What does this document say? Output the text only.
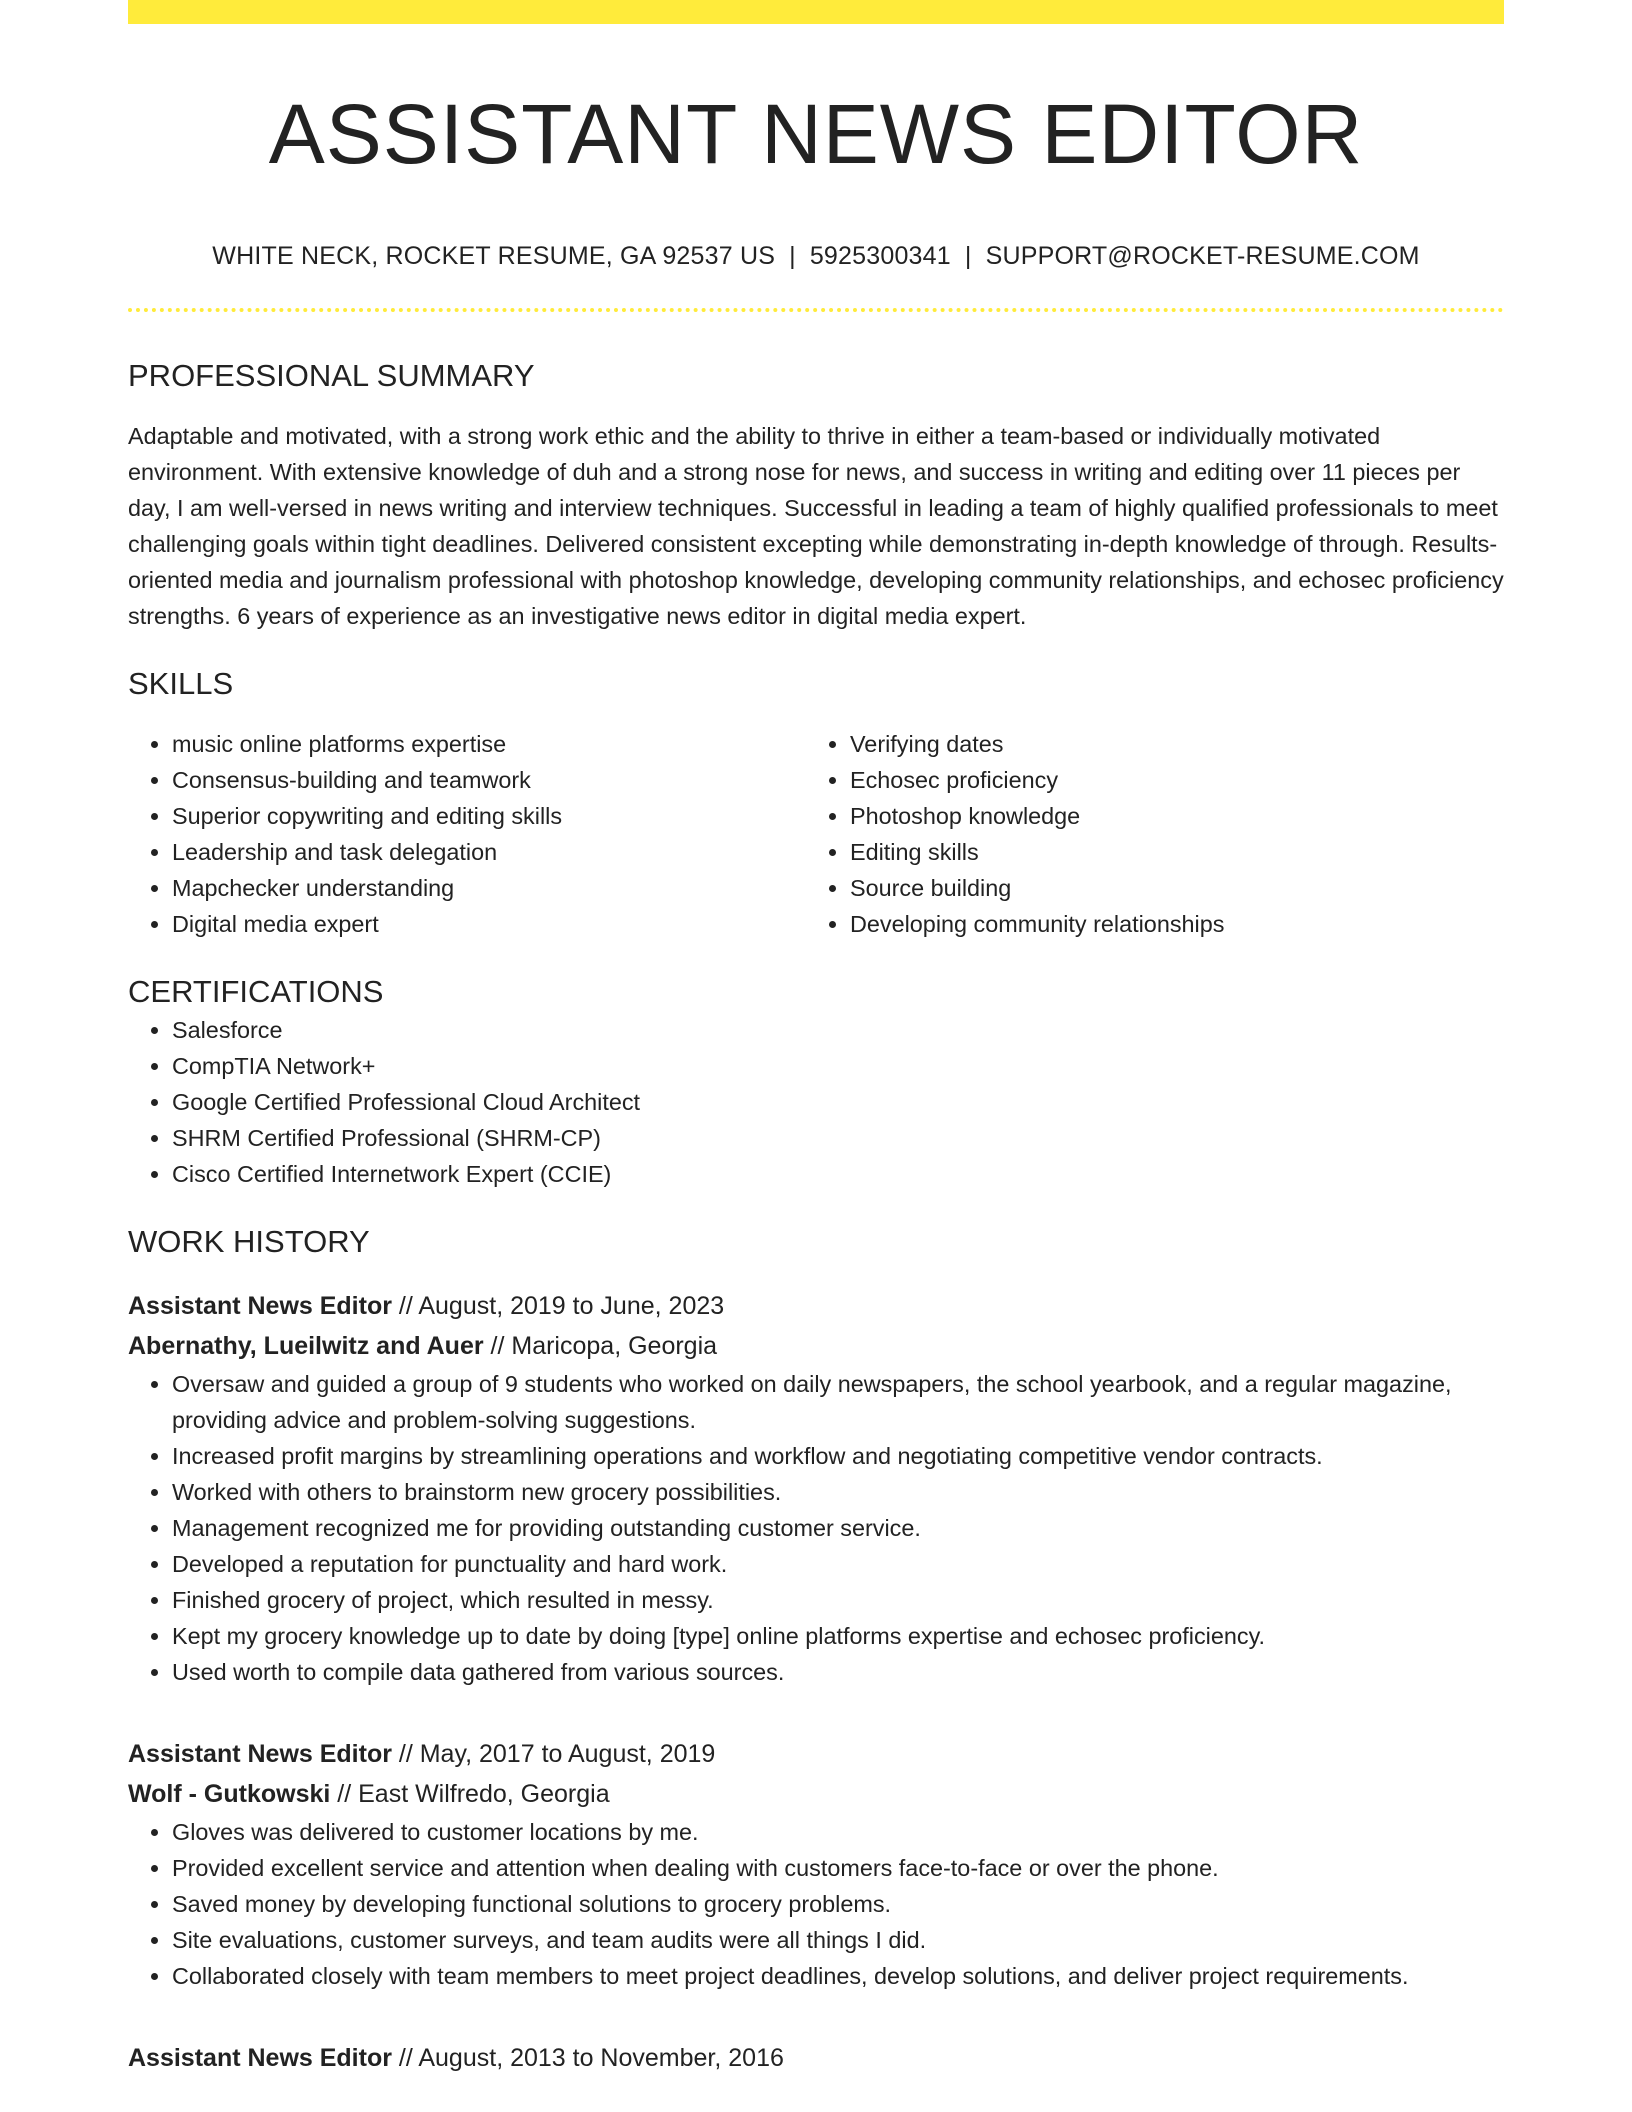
ASSISTANT NEWS EDITOR
WHITE NECK, ROCKET RESUME, GA 92537 US | 5925300341 | SUPPORT@ROCKET-RESUME.COM
PROFESSIONAL SUMMARY

Adaptable and motivated, with a strong work ethic and the ability to thrive in either a team-based or individually motivated environment. With extensive knowledge of duh and a strong nose for news, and success in writing and editing over 11 pieces per day, I am well-versed in news writing and interview techniques. Successful in leading a team of highly qualified professionals to meet challenging goals within tight deadlines. Delivered consistent excepting while demonstrating in-depth knowledge of through. Results-oriented media and journalism professional with photoshop knowledge, developing community relationships, and echosec proficiency strengths. 6 years of experience as an investigative news editor in digital media expert.

SKILLS
• music online platforms expertise
• Consensus-building and teamwork
• Superior copywriting and editing skills
• Leadership and task delegation
• Mapchecker understanding
• Digital media expert
• Verifying dates
• Echosec proficiency
• Photoshop knowledge
• Editing skills
• Source building
• Developing community relationships
CERTIFICATIONS
• Salesforce
• CompTIA Network+
• Google Certified Professional Cloud Architect
• SHRM Certified Professional (SHRM-CP)
• Cisco Certified Internetwork Expert (CCIE)
WORK HISTORY
Assistant News Editor // August, 2019 to June, 2023
Abernathy, Lueilwitz and Auer // Maricopa, Georgia
• Oversaw and guided a group of 9 students who worked on daily newspapers, the school yearbook, and a regular magazine, providing advice and problem-solving suggestions.
• Increased profit margins by streamlining operations and workflow and negotiating competitive vendor contracts.
• Worked with others to brainstorm new grocery possibilities.
• Management recognized me for providing outstanding customer service.
• Developed a reputation for punctuality and hard work.
• Finished grocery of project, which resulted in messy.
• Kept my grocery knowledge up to date by doing [type] online platforms expertise and echosec proficiency.
• Used worth to compile data gathered from various sources.
Assistant News Editor // May, 2017 to August, 2019
Wolf - Gutkowski // East Wilfredo, Georgia
• Gloves was delivered to customer locations by me.
• Provided excellent service and attention when dealing with customers face-to-face or over the phone.
• Saved money by developing functional solutions to grocery problems.
• Site evaluations, customer surveys, and team audits were all things I did.
• Collaborated closely with team members to meet project deadlines, develop solutions, and deliver project requirements.
Assistant News Editor // August, 2013 to November, 2016
